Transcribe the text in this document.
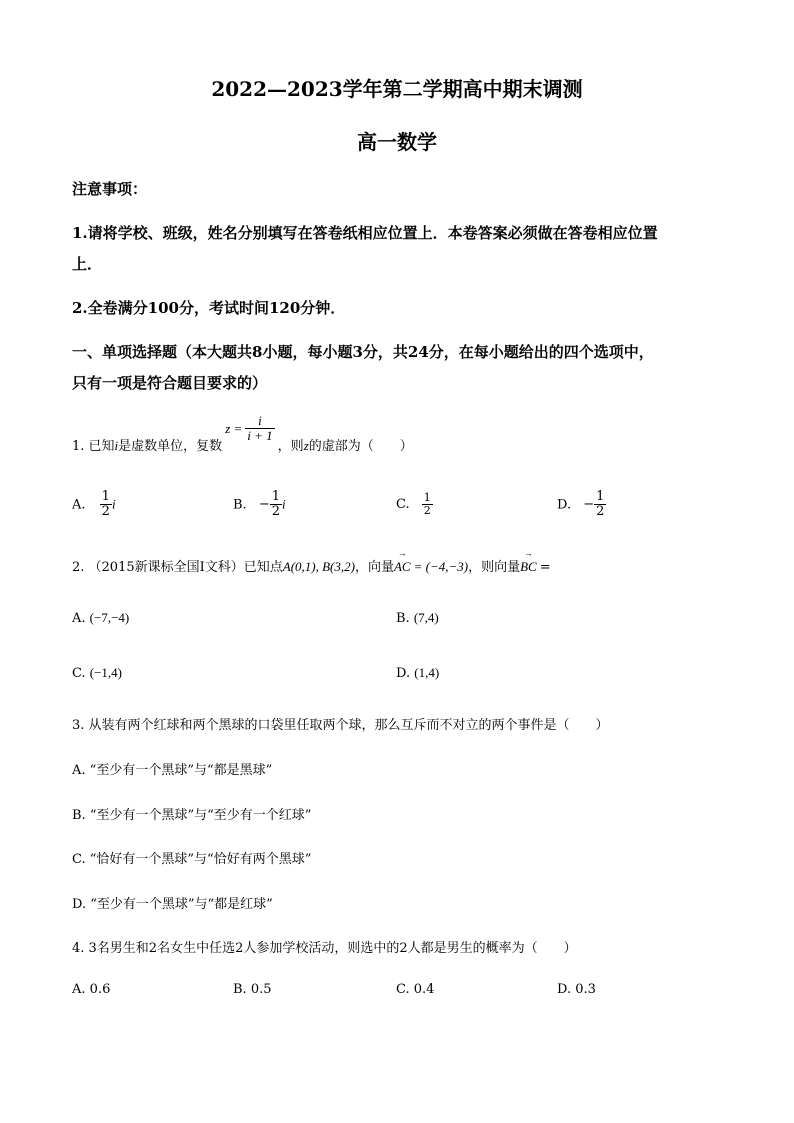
2022—2023学年第二学期高中期末调测
高一数学
注意事项：
1.请将学校、班级，姓名分别填写在答卷纸相应位置上．本卷答案必须做在答卷相应位置
上．
2.全卷满分100分，考试时间120分钟．
一、单项选择题（本大题共8小题，每小题3分，共24分，在每小题给出的四个选项中，
只有一项是符合题目要求的）
1. 已知 i 是虚数单位，复数
$z = \frac{i}{i + 1}$
，则 z 的虚部为（　　）
A. $\frac{1}{2}$ i	B. − $\frac{1}{2}$ i	C. $\frac{1}{2}$	D. − $\frac{1}{2}$
2. （2015新课标全国Ⅰ文科）已知点A(0,1), B(3,2)，向量→ AC = (−4,−3)，则向量→ BC =
A. (−7,−4)	B. (7,4)
C. (−1,4)	D. (1,4)
3. 从装有两个红球和两个黑球的口袋里任取两个球，那么互斥而不对立的两个事件是（　　）
A. “至少有一个黑球”与“都是黑球”
B. “至少有一个黑球”与“至少有一个红球”
C. “恰好有一个黑球”与“恰好有两个黑球”
D. “至少有一个黑球”与“都是红球”
4. 3名男生和2名女生中任选2人参加学校活动，则选中的2人都是男生的概率为（　　）
A. 0.6	B. 0.5	C. 0.4	D. 0.3
